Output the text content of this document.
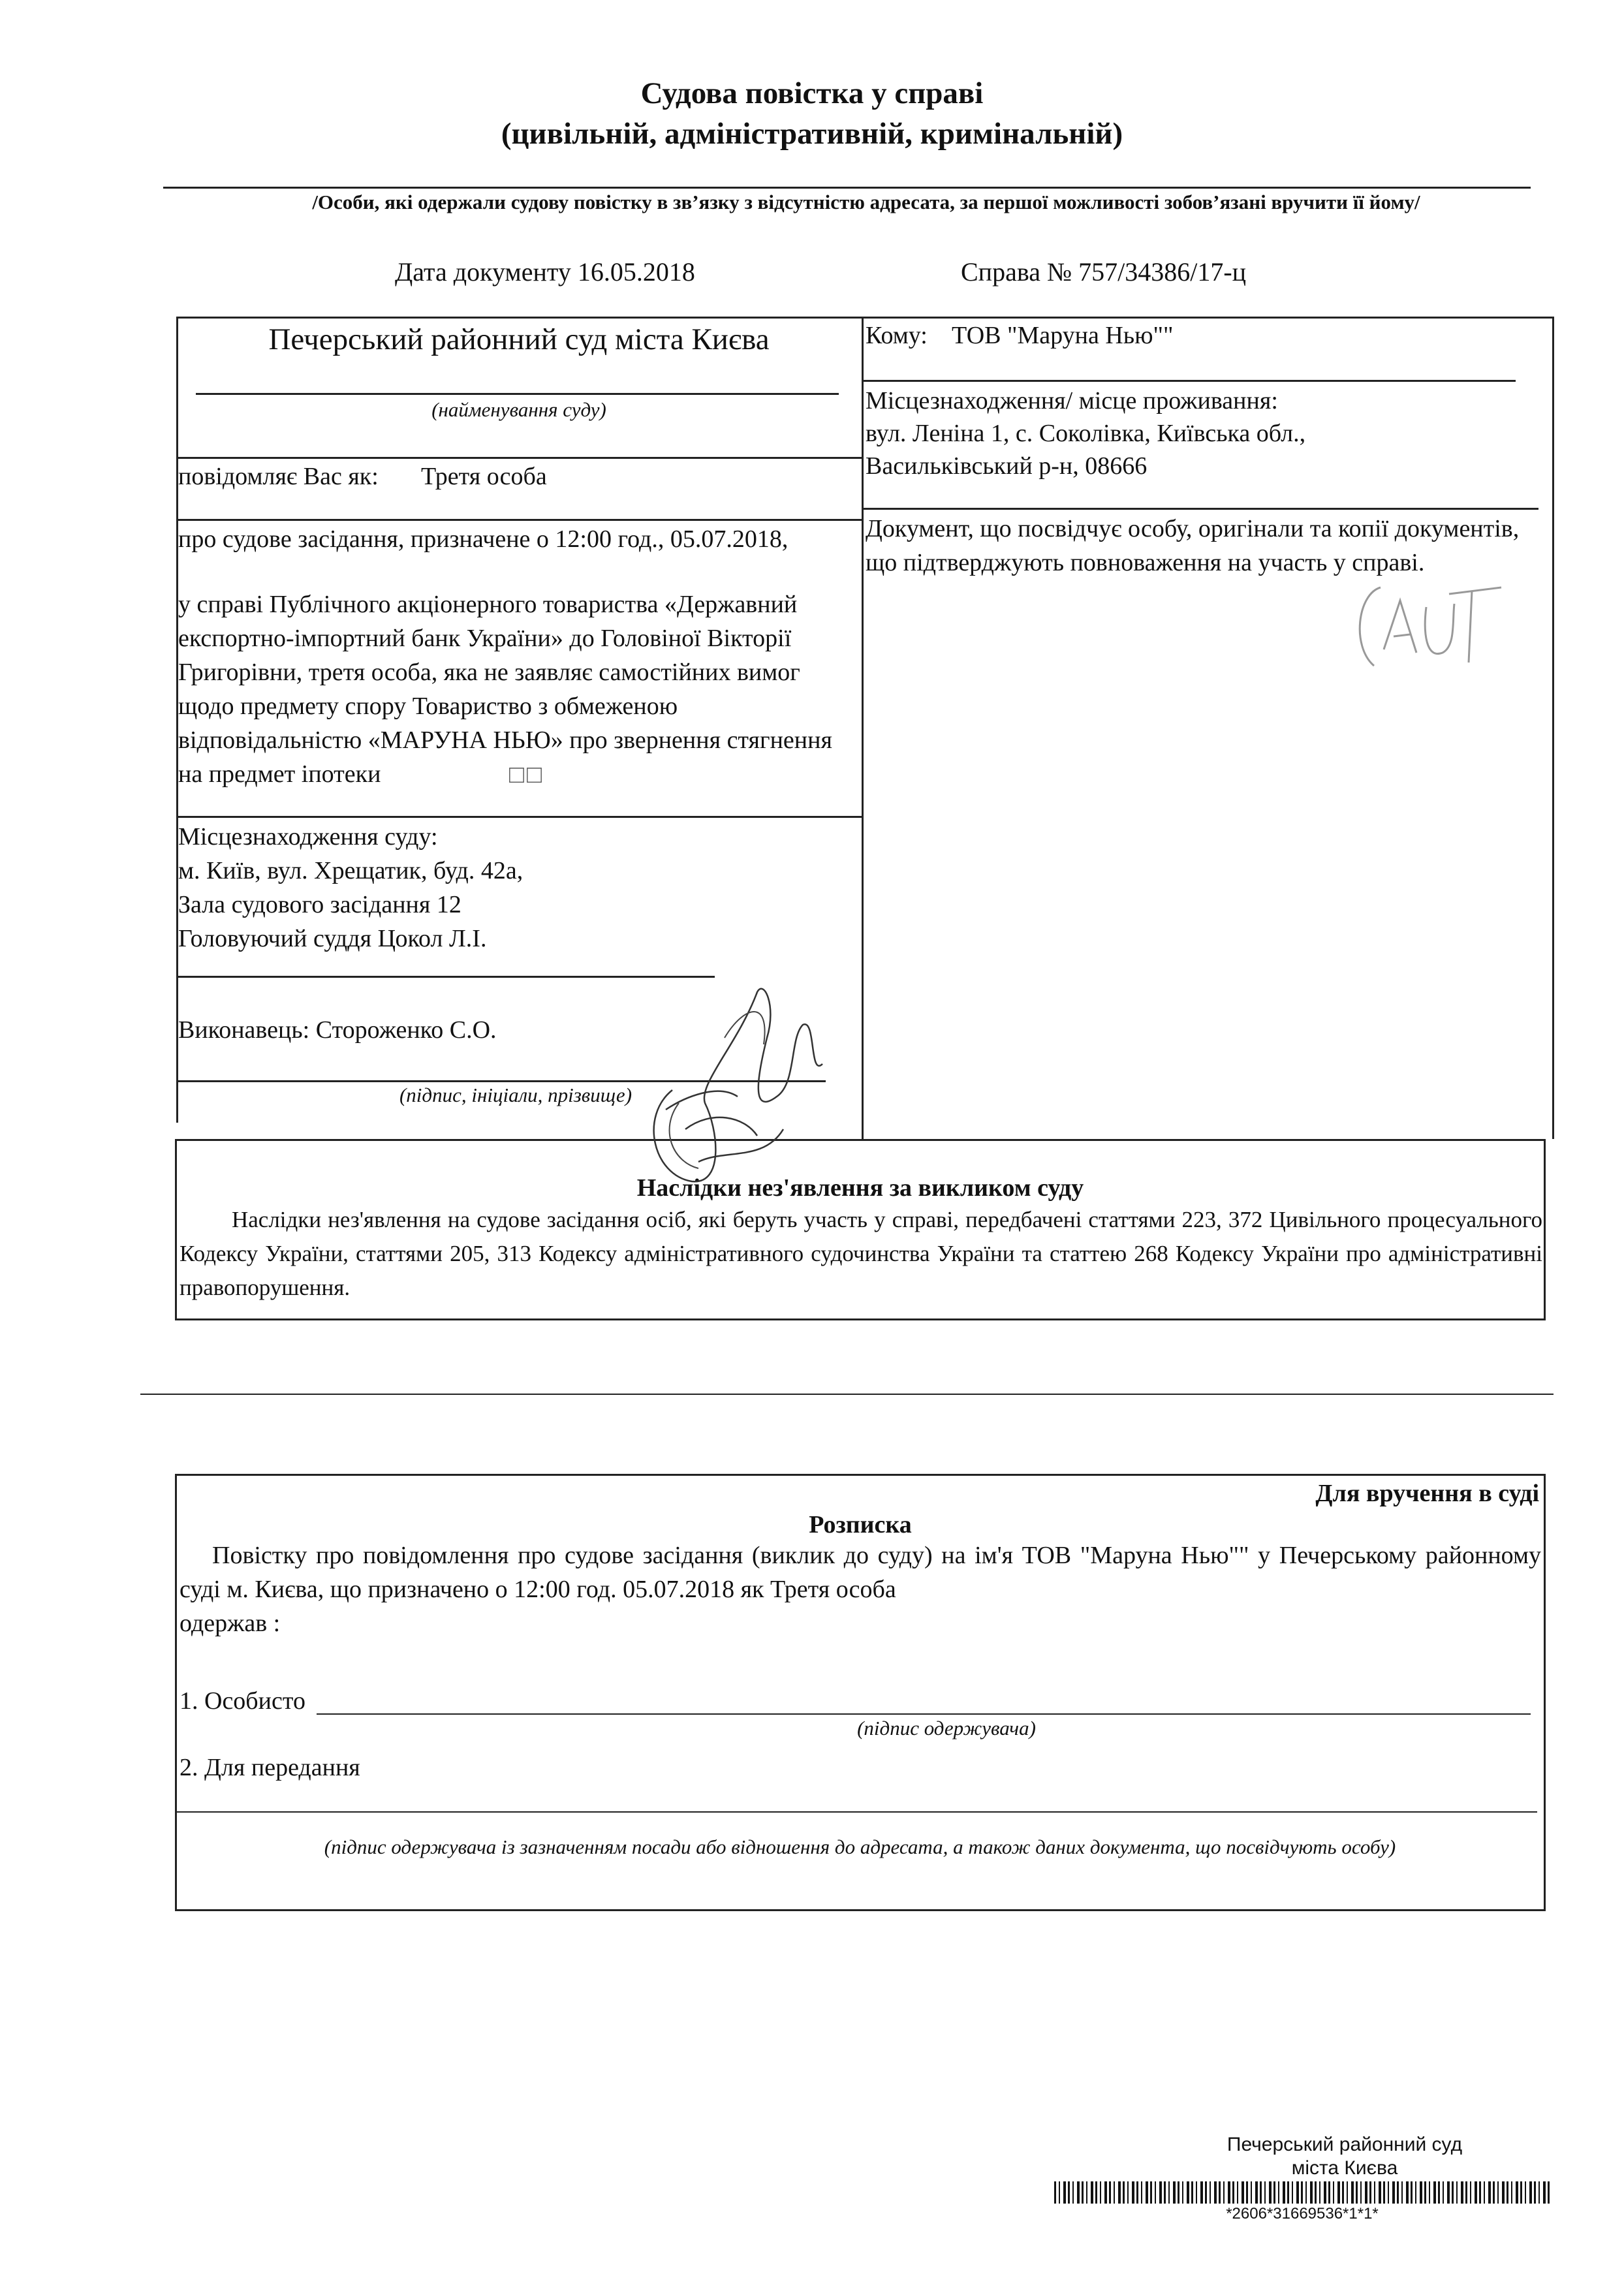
Судова повістка у справі
(цивільній, адміністративній, кримінальній)
/Особи, які одержали судову повістку в зв’язку з відсутністю адресата, за першої можливості зобов’язані вручити її йому/
Дата документу 16.05.2018	Справа № 757/34386/17-ц
Печерський районний суд міста Києва
(найменування суду)
повідомляє Вас як: Третя особа
про судове засідання, призначене о 12:00 год., 05.07.2018,
у справі Публічного акціонерного товариства «Державний експортно-імпортний банк України» до Головіної Вікторії Григорівни, третя особа, яка не заявляє самостійних вимог щодо предмету спору Товариство з обмеженою відповідальністю «МАРУНА НЬЮ» про звернення стягнення на предмет іпотеки	□□
Місцезнаходження суду:
м. Київ, вул. Хрещатик, буд. 42а,
Зала судового засідання 12
Головуючий суддя Цокол Л.І.
Виконавець: Стороженко С.О.
(підпис, ініціали, прізвище)
Кому: ТОВ "Маруна Нью""
Місцезнаходження/ місце проживання:
вул. Леніна 1, с. Соколівка, Київська обл.,
Васильківський р-н, 08666
Документ, що посвідчує особу, оригінали та копії документів, що підтверджують повноваження на участь у справі.
Наслідки нез'явлення за викликом суду
Наслідки нез'явлення на судове засідання осіб, які беруть участь у справі, передбачені статтями 223, 372 Цивільного процесуального Кодексу України, статтями 205, 313 Кодексу адміністративного судочинства України та статтею 268 Кодексу України про адміністративні правопорушення.
Для вручення в суді
Розписка
Повістку про повідомлення про судове засідання (виклик до суду) на ім'я ТОВ "Маруна Нью"" у Печерському районному суді м. Києва, що призначено о 12:00 год. 05.07.2018 як Третя особа
одержав :
1. Особисто
(підпис одержувача)
2. Для передання
(підпис одержувача із зазначенням посади або відношення до адресата, а також даних документа, що посвідчують особу)
Печерський районний суд
міста Києва
*2606*31669536*1*1*
